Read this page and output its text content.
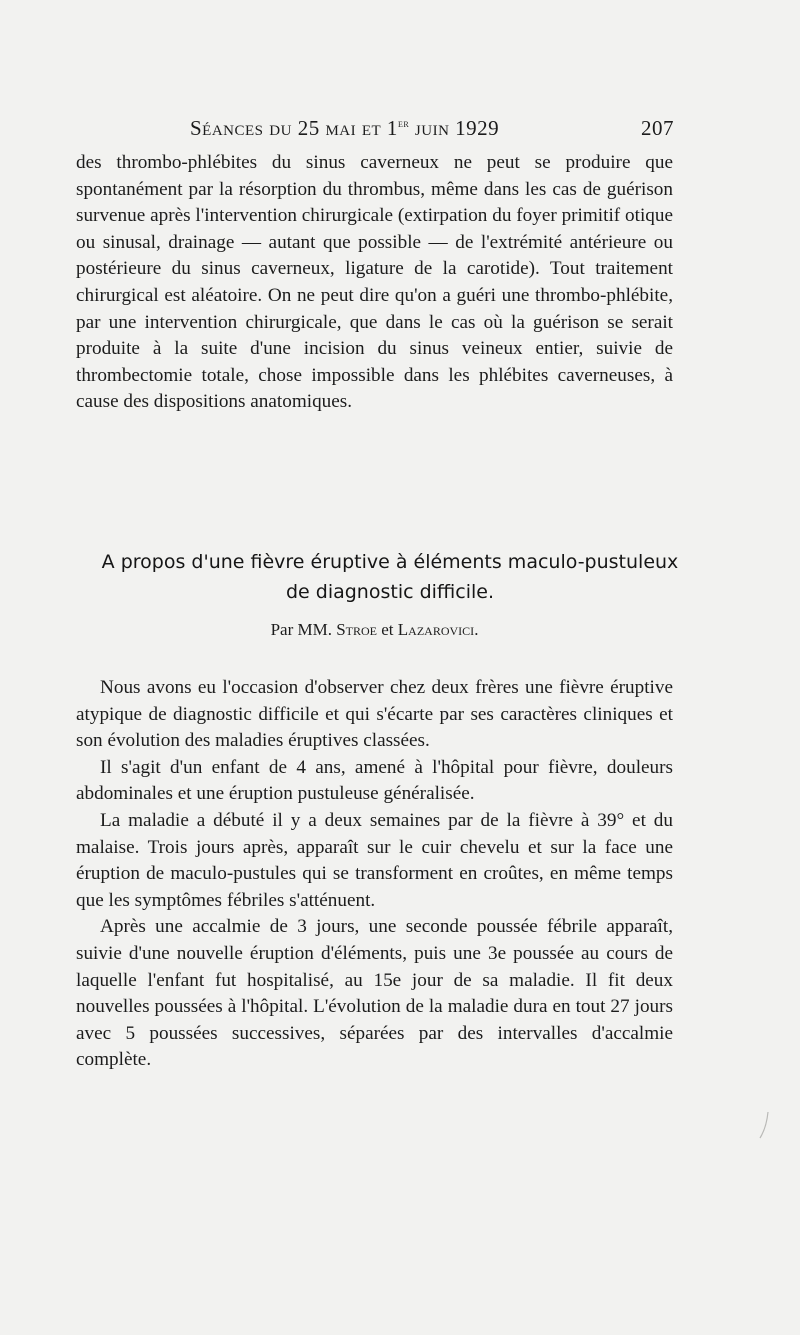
Séances du 25 mai et 1er juin 1929	207

des thrombo-phlébites du sinus caverneux ne peut se produire que spontanément par la résorption du thrombus, même dans les cas de guérison survenue après l'intervention chirurgicale (extirpation du foyer primitif otique ou sinusal, drainage — autant que possible — de l'extrémité antérieure ou postérieure du sinus caverneux, ligature de la carotide). Tout traitement chirurgical est aléatoire. On ne peut dire qu'on a guéri une thrombo-phlébite, par une intervention chirurgicale, que dans le cas où la guérison se serait produite à la suite d'une incision du sinus veineux entier, suivie de thrombectomie totale, chose impossible dans les phlébites caverneuses, à cause des dispositions anatomiques.

A propos d'une fièvre éruptive à éléments maculo-pustuleux
de diagnostic difficile.
Par MM. Stroe et Lazarovici.

Nous avons eu l'occasion d'observer chez deux frères une fièvre éruptive atypique de diagnostic difficile et qui s'écarte par ses caractères cliniques et son évolution des maladies éruptives classées.

Il s'agit d'un enfant de 4 ans, amené à l'hôpital pour fièvre, douleurs abdominales et une éruption pustuleuse généralisée.

La maladie a débuté il y a deux semaines par de la fièvre à 39° et du malaise. Trois jours après, apparaît sur le cuir chevelu et sur la face une éruption de maculo-pustules qui se transforment en croûtes, en même temps que les symptômes fébriles s'atténuent.

Après une accalmie de 3 jours, une seconde poussée fébrile apparaît, suivie d'une nouvelle éruption d'éléments, puis une 3e poussée au cours de laquelle l'enfant fut hospitalisé, au 15e jour de sa maladie. Il fit deux nouvelles poussées à l'hôpital. L'évolution de la maladie dura en tout 27 jours avec 5 poussées successives, séparées par des intervalles d'accalmie complète.
